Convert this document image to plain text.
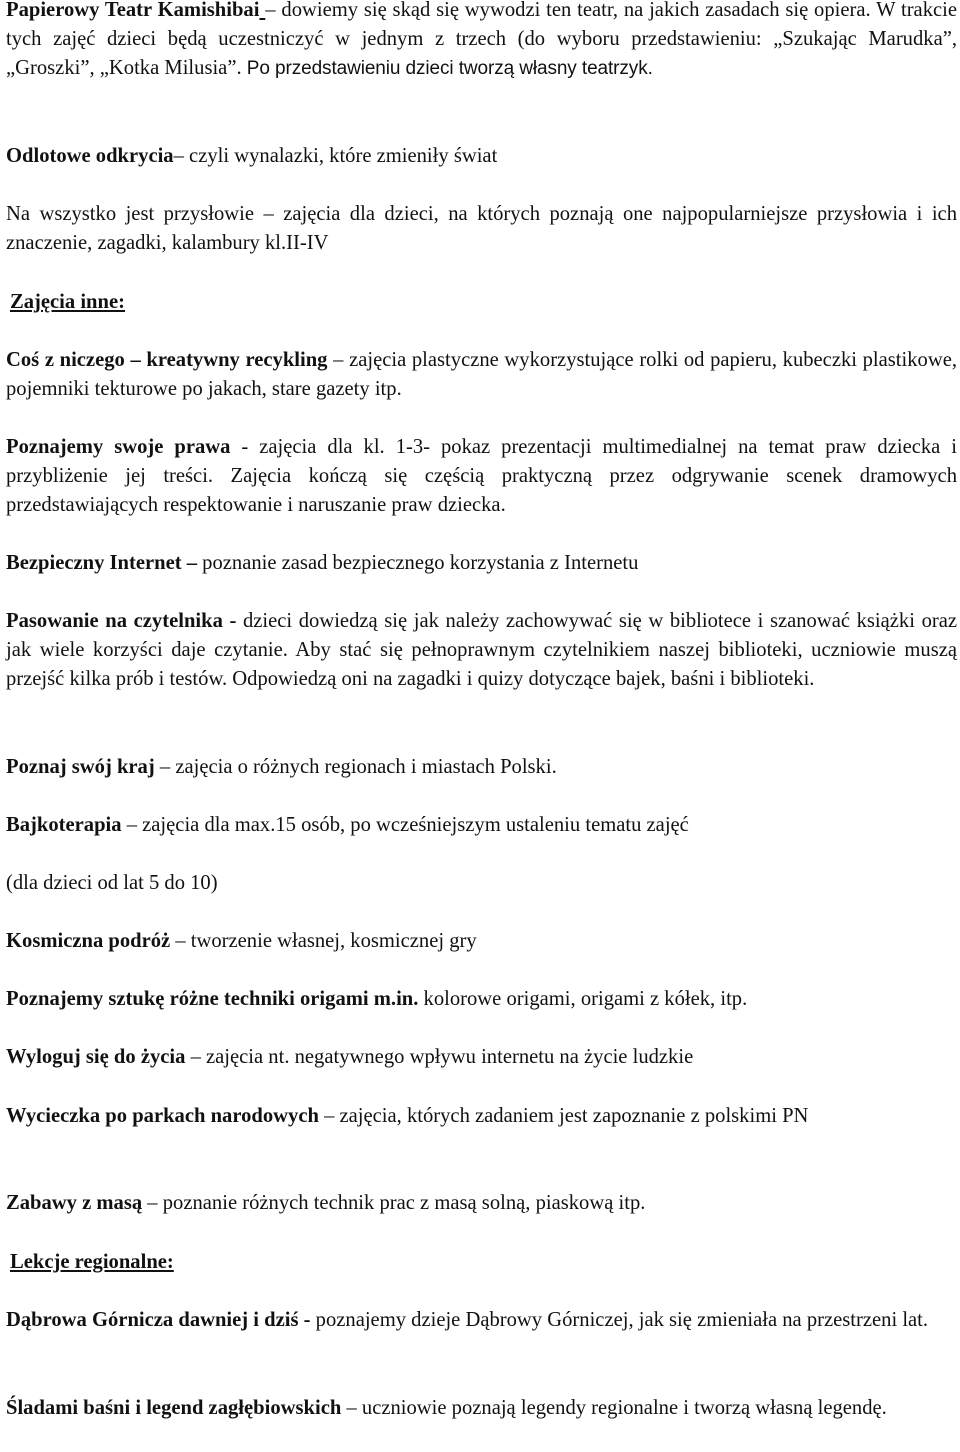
Papierowy Teatr Kamishibai – dowiemy się skąd się wywodzi ten teatr, na jakich zasadach się opiera. W trakcie tych zajęć dzieci będą uczestniczyć w jednym z trzech (do wyboru przedstawieniu: „Szukając Marudka”, „Groszki”, „Kotka Milusia”. Po przedstawieniu dzieci tworzą własny teatrzyk.

Odlotowe odkrycia– czyli wynalazki, które zmieniły świat

Na wszystko jest przysłowie – zajęcia dla dzieci, na których poznają one najpopularniejsze przysłowia i ich znaczenie, zagadki, kalambury kl.II-IV

Zajęcia inne:

Coś z niczego – kreatywny recykling – zajęcia plastyczne wykorzystujące rolki od papieru, kubeczki plastikowe, pojemniki tekturowe po jakach, stare gazety itp.

Poznajemy swoje prawa - zajęcia dla kl. 1-3- pokaz prezentacji multimedialnej na temat praw dziecka i przybliżenie jej treści. Zajęcia kończą się częścią praktyczną przez odgrywanie scenek dramowych przedstawiających respektowanie i naruszanie praw dziecka.

Bezpieczny Internet – poznanie zasad bezpiecznego korzystania z Internetu

Pasowanie na czytelnika - dzieci dowiedzą się jak należy zachowywać się w bibliotece i szanować książki oraz jak wiele korzyści daje czytanie. Aby stać się pełnoprawnym czytelnikiem naszej biblioteki, uczniowie muszą przejść kilka prób i testów. Odpowiedzą oni na zagadki i quizy dotyczące bajek, baśni i biblioteki.

Poznaj swój kraj – zajęcia o różnych regionach i miastach Polski.

Bajkoterapia – zajęcia dla max.15 osób, po wcześniejszym ustaleniu tematu zajęć

(dla dzieci od lat 5 do 10)

Kosmiczna podróż – tworzenie własnej, kosmicznej gry

Poznajemy sztukę różne techniki origami m.in. kolorowe origami, origami z kółek, itp.

Wyloguj się do życia – zajęcia nt. negatywnego wpływu internetu na życie ludzkie

Wycieczka po parkach narodowych – zajęcia, których zadaniem jest zapoznanie z polskimi PN

Zabawy z masą – poznanie różnych technik prac z masą solną, piaskową itp.

Lekcje regionalne:

Dąbrowa Górnicza dawniej i dziś - poznajemy dzieje Dąbrowy Górniczej, jak się zmieniała na przestrzeni lat.

Śladami baśni i legend zagłębiowskich – uczniowie poznają legendy regionalne i tworzą własną legendę.
